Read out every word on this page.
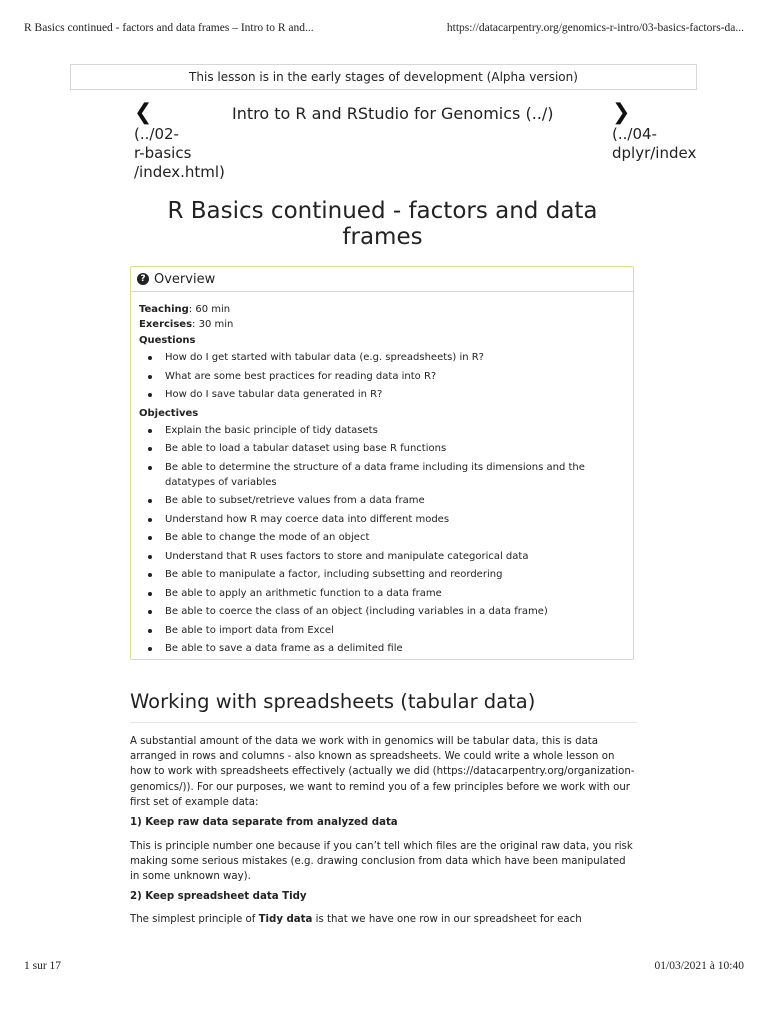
R Basics continued - factors and data frames – Intro to R and...	https://datacarpentry.org/genomics-r-intro/03-basics-factors-da...
This lesson is in the early stages of development (Alpha version)
❮
(../02-
r-basics
/index.html)
Intro to R and RStudio for Genomics (../)	❯
(../04-
dplyr/index
R Basics continued - factors and data frames
? Overview
Teaching: 60 min
Exercises: 30 min
Questions
How do I get started with tabular data (e.g. spreadsheets) in R?
What are some best practices for reading data into R?
How do I save tabular data generated in R?
Objectives
Explain the basic principle of tidy datasets
Be able to load a tabular dataset using base R functions
Be able to determine the structure of a data frame including its dimensions and the datatypes of variables
Be able to subset/retrieve values from a data frame
Understand how R may coerce data into different modes
Be able to change the mode of an object
Understand that R uses factors to store and manipulate categorical data
Be able to manipulate a factor, including subsetting and reordering
Be able to apply an arithmetic function to a data frame
Be able to coerce the class of an object (including variables in a data frame)
Be able to import data from Excel
Be able to save a data frame as a delimited file
Working with spreadsheets (tabular data)

A substantial amount of the data we work with in genomics will be tabular data, this is data arranged in rows and columns - also known as spreadsheets. We could write a whole lesson on how to work with spreadsheets effectively (actually we did (https://datacarpentry.org/organization-genomics/)). For our purposes, we want to remind you of a few principles before we work with our first set of example data:

1) Keep raw data separate from analyzed data

This is principle number one because if you can’t tell which files are the original raw data, you risk making some serious mistakes (e.g. drawing conclusion from data which have been manipulated in some unknown way).

2) Keep spreadsheet data Tidy

The simplest principle of Tidy data is that we have one row in our spreadsheet for each

1 sur 17	01/03/2021 à 10:40
